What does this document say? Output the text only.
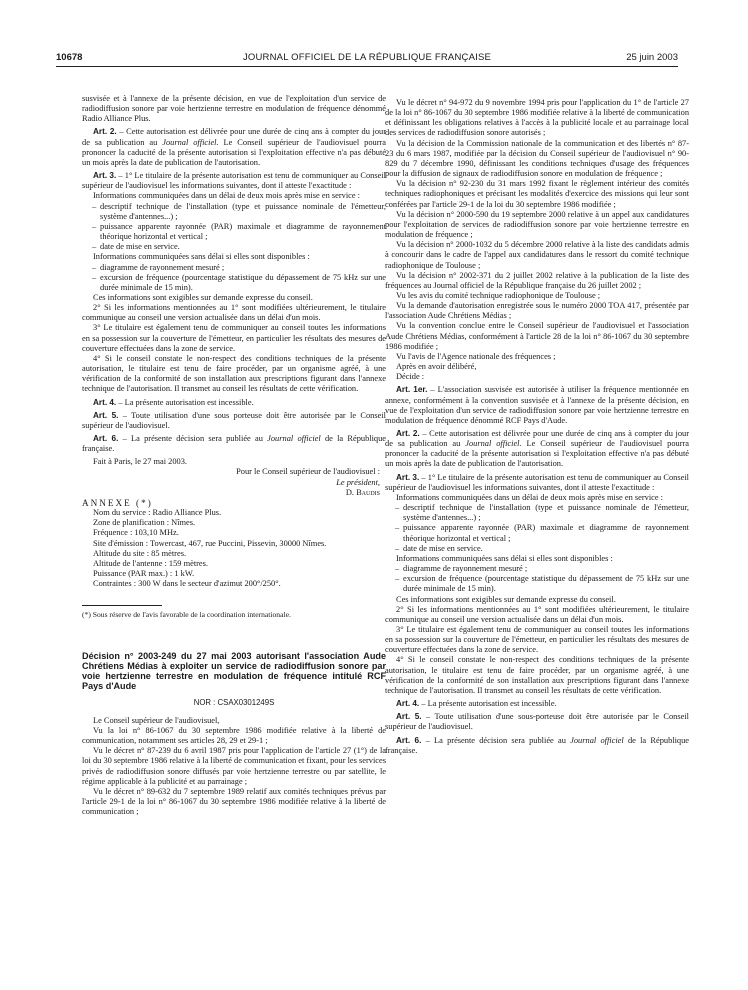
10678	JOURNAL OFFICIEL DE LA RÉPUBLIQUE FRANÇAISE	25 juin 2003

susvisée et à l'annexe de la présente décision, en vue de l'exploitation d'un service de radiodiffusion sonore par voie hertzienne terrestre en modulation de fréquence dénommé Radio Alliance Plus.

Art. 2. – Cette autorisation est délivrée pour une durée de cinq ans à compter du jour de sa publication au Journal officiel. Le Conseil supérieur de l'audiovisuel pourra prononcer la caducité de la présente autorisation si l'exploitation effective n'a pas débuté un mois après la date de publication de l'autorisation.

Art. 3. – 1° Le titulaire de la présente autorisation est tenu de communiquer au Conseil supérieur de l'audiovisuel les informations suivantes, dont il atteste l'exactitude :

Informations communiquées dans un délai de deux mois après mise en service :

– descriptif technique de l'installation (type et puissance nominale de l'émetteur, système d'antennes...) ;
– puissance apparente rayonnée (PAR) maximale et diagramme de rayonnement théorique horizontal et vertical ;
– date de mise en service.

Informations communiquées sans délai si elles sont disponibles :

– diagramme de rayonnement mesuré ;
– excursion de fréquence (pourcentage statistique du dépassement de 75 kHz sur une durée minimale de 15 min).

Ces informations sont exigibles sur demande expresse du conseil.

2° Si les informations mentionnées au 1° sont modifiées ultérieurement, le titulaire communique au conseil une version actualisée dans un délai d'un mois.

3° Le titulaire est également tenu de communiquer au conseil toutes les informations en sa possession sur la couverture de l'émetteur, en particulier les résultats des mesures de couverture effectuées dans la zone de service.

4° Si le conseil constate le non-respect des conditions techniques de la présente autorisation, le titulaire est tenu de faire procéder, par un organisme agréé, à une vérification de la conformité de son installation aux prescriptions figurant dans l'annexe technique de l'autorisation. Il transmet au conseil les résultats de cette vérification.

Art. 4. – La présente autorisation est incessible.

Art. 5. – Toute utilisation d'une sous porteuse doit être autorisée par le Conseil supérieur de l'audiovisuel.

Art. 6. – La présente décision sera publiée au Journal officiel de la République française.

Fait à Paris, le 27 mai 2003.

Pour le Conseil supérieur de l'audiovisuel :

Le président,

D. Baudis

ANNEXE (*)

Nom du service : Radio Alliance Plus.

Zone de planification : Nîmes.

Fréquence : 103,10 MHz.

Site d'émission : Towercast, 467, rue Puccini, Pissevin, 30000 Nîmes.

Altitude du site : 85 mètres.

Altitude de l'antenne : 159 mètres.

Puissance (PAR max.) : 1 kW.

Contraintes : 300 W dans le secteur d'azimut 200°/250°.

(*) Sous réserve de l'avis favorable de la coordination internationale.

Décision n° 2003-249 du 27 mai 2003 autorisant l'association Aude Chrétiens Médias à exploiter un service de radiodiffusion sonore par voie hertzienne terrestre en modulation de fréquence intitulé RCF Pays d'Aude
NOR : CSAX0301249S

Le Conseil supérieur de l'audiovisuel,

Vu la loi n° 86-1067 du 30 septembre 1986 modifiée relative à la liberté de communication, notamment ses articles 28, 29 et 29-1 ;

Vu le décret n° 87-239 du 6 avril 1987 pris pour l'application de l'article 27 (1°) de la loi du 30 septembre 1986 relative à la liberté de communication et fixant, pour les services privés de radiodiffusion sonore diffusés par voie hertzienne terrestre ou par satellite, le régime applicable à la publicité et au parrainage ;

Vu le décret n° 89-632 du 7 septembre 1989 relatif aux comités techniques prévus par l'article 29-1 de la loi n° 86-1067 du 30 septembre 1986 modifiée relative à la liberté de communication ;

Vu le décret n° 94-972 du 9 novembre 1994 pris pour l'application du 1° de l'article 27 de la loi n° 86-1067 du 30 septembre 1986 modifiée relative à la liberté de communication et définissant les obligations relatives à l'accès à la publicité locale et au parrainage local des services de radiodiffusion sonore autorisés ;

Vu la décision de la Commission nationale de la communication et des libertés n° 87-23 du 6 mars 1987, modifiée par la décision du Conseil supérieur de l'audiovisuel n° 90-829 du 7 décembre 1990, définissant les conditions techniques d'usage des fréquences pour la diffusion de signaux de radiodiffusion sonore en modulation de fréquence ;

Vu la décision n° 92-230 du 31 mars 1992 fixant le règlement intérieur des comités techniques radiophoniques et précisant les modalités d'exercice des missions qui leur sont conférées par l'article 29-1 de la loi du 30 septembre 1986 modifiée ;

Vu la décision n° 2000-590 du 19 septembre 2000 relative à un appel aux candidatures pour l'exploitation de services de radiodiffusion sonore par voie hertzienne terrestre en modulation de fréquence ;

Vu la décision n° 2000-1032 du 5 décembre 2000 relative à la liste des candidats admis à concourir dans le cadre de l'appel aux candidatures dans le ressort du comité technique radiophonique de Toulouse ;

Vu la décision n° 2002-371 du 2 juillet 2002 relative à la publication de la liste des fréquences au Journal officiel de la République française du 26 juillet 2002 ;

Vu les avis du comité technique radiophonique de Toulouse ;

Vu la demande d'autorisation enregistrée sous le numéro 2000 TOA 417, présentée par l'association Aude Chrétiens Médias ;

Vu la convention conclue entre le Conseil supérieur de l'audiovisuel et l'association Aude Chrétiens Médias, conformément à l'article 28 de la loi n° 86-1067 du 30 septembre 1986 modifiée ;

Vu l'avis de l'Agence nationale des fréquences ;

Après en avoir délibéré,

Décide :

Art. 1er. – L'association susvisée est autorisée à utiliser la fréquence mentionnée en annexe, conformément à la convention susvisée et à l'annexe de la présente décision, en vue de l'exploitation d'un service de radiodiffusion sonore par voie hertzienne terrestre en modulation de fréquence dénommé RCF Pays d'Aude.

Art. 2. – Cette autorisation est délivrée pour une durée de cinq ans à compter du jour de sa publication au Journal officiel. Le Conseil supérieur de l'audiovisuel pourra prononcer la caducité de la présente autorisation si l'exploitation effective n'a pas débuté un mois après la date de publication de l'autorisation.

Art. 3. – 1° Le titulaire de la présente autorisation est tenu de communiquer au Conseil supérieur de l'audiovisuel les informations suivantes, dont il atteste l'exactitude :

Informations communiquées dans un délai de deux mois après mise en service :

– descriptif technique de l'installation (type et puissance nominale de l'émetteur, système d'antennes...) ;
– puissance apparente rayonnée (PAR) maximale et diagramme de rayonnement théorique horizontal et vertical ;
– date de mise en service.

Informations communiquées sans délai si elles sont disponibles :

– diagramme de rayonnement mesuré ;
– excursion de fréquence (pourcentage statistique du dépassement de 75 kHz sur une durée minimale de 15 min).

Ces informations sont exigibles sur demande expresse du conseil.

2° Si les informations mentionnées au 1° sont modifiées ultérieurement, le titulaire communique au conseil une version actualisée dans un délai d'un mois.

3° Le titulaire est également tenu de communiquer au conseil toutes les informations en sa possession sur la couverture de l'émetteur, en particulier les résultats des mesures de couverture effectuées dans la zone de service.

4° Si le conseil constate le non-respect des conditions techniques de la présente autorisation, le titulaire est tenu de faire procéder, par un organisme agréé, à une vérification de la conformité de son installation aux prescriptions figurant dans l'annexe technique de l'autorisation. Il transmet au conseil les résultats de cette vérification.

Art. 4. – La présente autorisation est incessible.

Art. 5. – Toute utilisation d'une sous-porteuse doit être autorisée par le Conseil supérieur de l'audiovisuel.

Art. 6. – La présente décision sera publiée au Journal officiel de la République française.
